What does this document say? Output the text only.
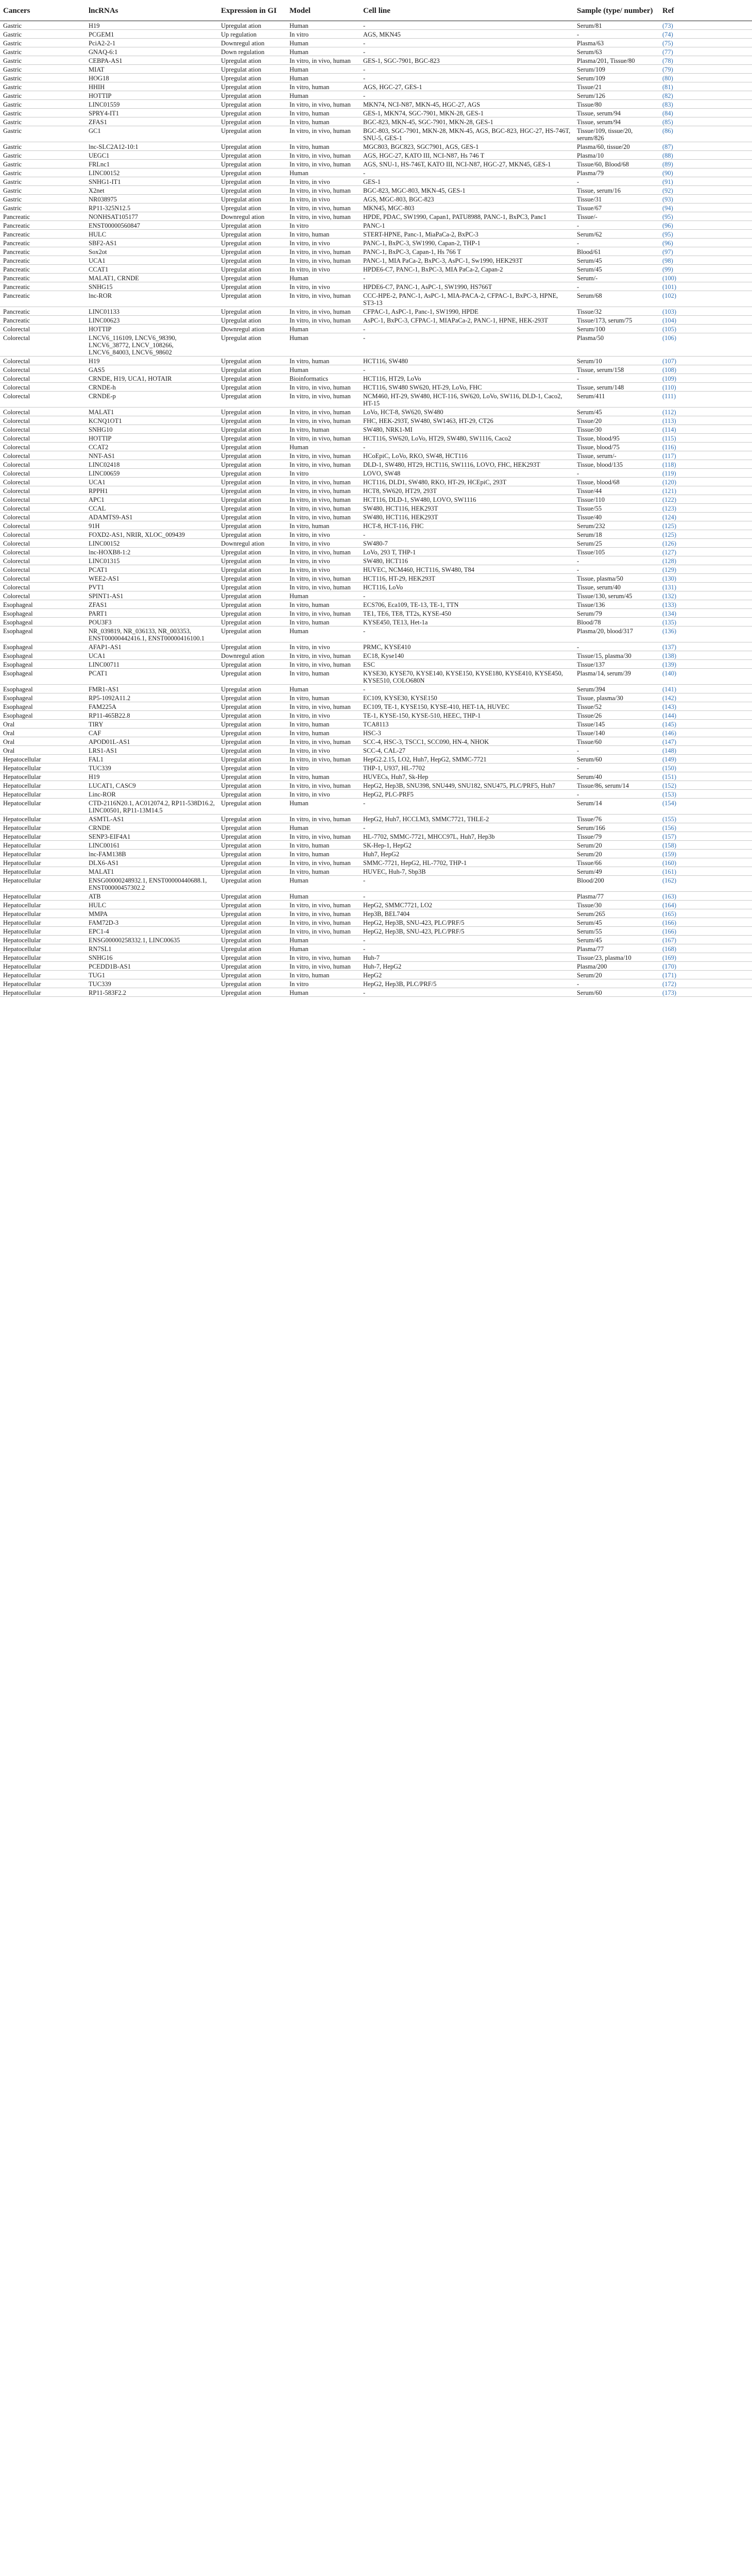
Cancers	lncRNAs	Expression in GI	Model	Cell line	Sample (type/ number)	Ref
Gastric	H19	Upregulat ation	Human	-	Serum/81	(73)
Gastric	PCGEM1	Up regulation	In vitro	AGS, MKN45	-	(74)
Gastric	PciA2-2-1	Downregul ation	Human	-	Plasma/63	(75)
Gastric	GNAQ-6:1	Down regulation	Human	-	Serum/63	(77)
Gastric	CEBPA-AS1	Upregulat ation	In vitro, in vivo, human	GES-1, SGC-7901, BGC-823	Plasma/201, Tissue/80	(78)
Gastric	MIAT	Upregulat ation	Human	-	Serum/109	(79)
Gastric	HOG18	Upregulat ation	Human	-	Serum/109	(80)
Gastric	HHIH	Upregulat ation	In vitro, human	AGS, HGC-27, GES-1	Tissue/21	(81)
Gastric	HOTTIP	Upregulat ation	Human	-	Serum/126	(82)
Gastric	LINC01559	Upregulat ation	In vitro, in vivo, human	MKN74, NCI-N87, MKN-45, HGC-27, AGS	Tissue/80	(83)
Gastric	SPRY4-IT1	Upregulat ation	In vitro, human	GES-1, MKN74, SGC-7901, MKN-28, GES-1	Tissue, serum/94	(84)
Gastric	ZFAS1	Upregulat ation	In vitro, human	BGC-823, MKN-45, SGC-7901, MKN-28, GES-1	Tissue, serum/94	(85)
Gastric	GC1	Upregulat ation	In vitro, in vivo, human	BGC-803, SGC-7901, MKN-28, MKN-45, AGS, BGC-823, HGC-27, HS-746T, SNU-5, GES-1	Tissue/109, tissue/20, serum/826	(86)
Gastric	lnc-SLC2A12-10:1	Upregulat ation	In vitro, human	MGC803, BGC823, SGC7901, AGS, GES-1	Plasma/60, tissue/20	(87)
Gastric	UEGC1	Upregulat ation	In vitro, in vivo, human	AGS, HGC-27, KATO III, NCI-N87, Hs 746 T	Plasma/10	(88)
Gastric	FRLnc1	Upregulat ation	In vitro, in vivo, human	AGS, SNU-1, HS-746T, KATO III, NCI-N87, HGC-27, MKN45, GES-1	Tissue/60, Blood/68	(89)
Gastric	LINC00152	Upregulat ation	Human	-	Plasma/79	(90)
Gastric	SNHG1-IT1	Upregulat ation	In vitro, in vivo	GES-1	-	(91)
Gastric	X2net	Upregulat ation	In vitro, in vivo, human	BGC-823, MGC-803, MKN-45, GES-1	Tissue, serum/16	(92)
Gastric	NR038975	Upregulat ation	In vitro, in vivo	AGS, MGC-803, BGC-823	Tissue/31	(93)
Gastric	RP11-325N12.5	Upregulat ation	In vitro, in vivo, human	MKN45, MGC-803	Tissue/67	(94)
Pancreatic	NONHSAT105177	Downregul ation	In vitro, in vivo, human	HPDE, PDAC, SW1990, Capan1, PATU8988, PANC-1, BxPC3, Panc1	Tissue/-	(95)
Pancreatic	ENST00000560847	Upregulat ation	In vitro	PANC-1	-	(96)
Pancreatic	HULC	Upregulat ation	In vitro, human	STERT-HPNE, Panc-1, MiaPaCa-2, BxPC-3	Serum/62	(95)
Pancreatic	SBF2-AS1	Upregulat ation	In vitro, in vivo	PANC-1, BxPC-3, SW1990, Capan-2, THP-1	-	(96)
Pancreatic	Sox2ot	Upregulat ation	In vitro, in vivo, human	PANC-1, BxPC-3, Capan-1, Hs 766 T	Blood/61	(97)
Pancreatic	UCA1	Upregulat ation	In vitro, in vivo, human	PANC-1, MIA PaCa-2, BxPC-3, AsPC-1, Sw1990, HEK293T	Serum/45	(98)
Pancreatic	CCAT1	Upregulat ation	In vitro, in vivo	HPDE6-C7, PANC-1, BxPC-3, MIA PaCa-2, Capan-2	Serum/45	(99)
Pancreatic	MALAT1, CRNDE	Upregulat ation	Human	-	Serum/-	(100)
Pancreatic	SNHG15	Upregulat ation	In vitro, in vivo	HPDE6-C7, PANC-1, AsPC-1, SW1990, HS766T	-	(101)
Pancreatic	lnc-ROR	Upregulat ation	In vitro, in vivo, human	CCC-HPE-2, PANC-1, AsPC-1, MIA-PACA-2, CFPAC-1, BxPC-3, HPNE, ST3-13	Serum/68	(102)
Pancreatic	LINC01133	Upregulat ation	In vitro, in vivo, human	CFPAC-1, AsPC-1, Panc-1, SW1990, HPDE	Tissue/32	(103)
Pancreatic	LINC00623	Upregulat ation	In vitro, in vivo, human	AsPC-1, BxPC-3, CFPAC-1, MIAPaCa-2, PANC-1, HPNE, HEK-293T	Tissue/173, serum/75	(104)
Colorectal	HOTTIP	Downregul ation	Human	-	Serum/100	(105)
Colorectal	LNCV6_116109, LNCV6_98390, LNCV6_38772, LNCV_108266, LNCV6_84003, LNCV6_98602	Upregulat ation	Human	-	Plasma/50	(106)
Colorectal	H19	Upregulat ation	In vitro, human	HCT116, SW480	Serum/10	(107)
Colorectal	GAS5	Upregulat ation	Human	-	Tissue, serum/158	(108)
Colorectal	CRNDE, H19, UCA1, HOTAIR	Upregulat ation	Bioinformatics	HCT116, HT29, LoVo	-	(109)
Colorectal	CRNDE-h	Upregulat ation	In vitro, in vivo, human	HCT116, SW480 SW620, HT-29, LoVo, FHC	Tissue, serum/148	(110)
Colorectal	CRNDE-p	Upregulat ation	In vitro, in vivo, human	NCM460, HT-29, SW480, HCT-116, SW620, LoVo, SW116, DLD-1, Caco2, HT-15	Serum/411	(111)
Colorectal	MALAT1	Upregulat ation	In vitro, in vivo, human	LoVo, HCT-8, SW620, SW480	Serum/45	(112)
Colorectal	KCNQ1OT1	Upregulat ation	In vitro, in vivo, human	FHC, HEK-293T, SW480, SW1463, HT-29, CT26	Tissue/20	(113)
Colorectal	SNHG10	Upregulat ation	In vitro, human	SW480, NRK1-MI	Tissue/30	(114)
Colorectal	HOTTIP	Upregulat ation	In vitro, in vivo, human	HCT116, SW620, LoVo, HT29, SW480, SW1116, Caco2	Tissue, blood/95	(115)
Colorectal	CCAT2	Upregulat ation	Human	-	Tissue, blood/75	(116)
Colorectal	NNT-AS1	Upregulat ation	In vitro, in vivo, human	HCoEpiC, LoVo, RKO, SW48, HCT116	Tissue, serum/-	(117)
Colorectal	LINC02418	Upregulat ation	In vitro, in vivo, human	DLD-1, SW480, HT29, HCT116, SW1116, LOVO, FHC, HEK293T	Tissue, blood/135	(118)
Colorectal	LINC00659	Upregulat ation	In vitro	LOVO, SW48	-	(119)
Colorectal	UCA1	Upregulat ation	In vitro, in vivo, human	HCT116, DLD1, SW480, RKO, HT-29, HCEpiC, 293T	Tissue, blood/68	(120)
Colorectal	RPPH1	Upregulat ation	In vitro, in vivo, human	HCT8, SW620, HT29, 293T	Tissue/44	(121)
Colorectal	APC1	Upregulat ation	In vitro, in vivo, human	HCT116, DLD-1, SW480, LOVO, SW1116	Tissue/110	(122)
Colorectal	CCAL	Upregulat ation	In vitro, in vivo, human	SW480, HCT116, HEK293T	Tissue/55	(123)
Colorectal	ADAMTS9-AS1	Upregulat ation	In vitro, in vivo, human	SW480, HCT116, HEK293T	Tissue/40	(124)
Colorectal	91H	Upregulat ation	In vitro, human	HCT-8, HCT-116, FHC	Serum/232	(125)
Colorectal	FOXD2-AS1, NRIR, XLOC_009439	Upregulat ation	In vitro, in vivo	-	Serum/18	(125)
Colorectal	LINC00152	Downregul ation	In vitro, in vivo	SW480-7	Serum/25	(126)
Colorectal	lnc-HOXB8-1:2	Upregulat ation	In vitro, in vivo, human	LoVo, 293 T, THP-1	Tissue/105	(127)
Colorectal	LINC01315	Upregulat ation	In vitro, in vivo	SW480, HCT116	-	(128)
Colorectal	PCAT1	Upregulat ation	In vitro, in vivo	HUVEC, NCM460, HCT116, SW480, T84	-	(129)
Colorectal	WEE2-AS1	Upregulat ation	In vitro, in vivo, human	HCT116, HT-29, HEK293T	Tissue, plasma/50	(130)
Colorectal	PVT1	Upregulat ation	In vitro, in vivo, human	HCT116, LoVo	Tissue, serum/40	(131)
Colorectal	SPINT1-AS1	Upregulat ation	Human	-	Tissue/130, serum/45	(132)
Esophageal	ZFAS1	Upregulat ation	In vitro, human	ECS706, Eca109, TE-13, TE-1, TTN	Tissue/136	(133)
Esophageal	PART1	Upregulat ation	In vitro, in vivo, human	TE1, TE6, TE8, TT2s, KYSE-450	Serum/79	(134)
Esophageal	POU3F3	Upregulat ation	In vitro, human	KYSE450, TE13, Het-1a	Blood/78	(135)
Esophageal	NR_039819, NR_036133, NR_003353, ENST00000442416.1, ENST00000416100.1	Upregulat ation	Human	-	Plasma/20, blood/317	(136)
Esophageal	AFAP1-AS1	Upregulat ation	In vitro, in vivo	PRMC, KYSE410	-	(137)
Esophageal	UCA1	Downregul ation	In vitro, in vivo, human	EC18, Kyse140	Tissue/15, plasma/30	(138)
Esophageal	LINC00711	Upregulat ation	In vitro, in vivo, human	ESC	Tissue/137	(139)
Esophageal	PCAT1	Upregulat ation	In vitro, human	KYSE30, KYSE70, KYSE140, KYSE150, KYSE180, KYSE410, KYSE450, KYSE510, COLO680N	Plasma/14, serum/39	(140)
Esophageal	FMR1-AS1	Upregulat ation	Human	-	Serum/394	(141)
Esophageal	RP5-1092A11.2	Upregulat ation	In vitro, human	EC109, KYSE30, KYSE150	Tissue, plasma/30	(142)
Esophageal	FAM225A	Upregulat ation	In vitro, in vivo, human	EC109, TE-1, KYSE150, KYSE-410, HET-1A, HUVEC	Tissue/52	(143)
Esophageal	RP11-465B22.8	Upregulat ation	In vitro, in vivo	TE-1, KYSE-150, KYSE-510, HEEC, THP-1	Tissue/26	(144)
Oral	TIRY	Upregulat ation	In vitro, human	TCA8113	Tissue/145	(145)
Oral	CAF	Upregulat ation	In vitro, human	HSC-3	Tissue/140	(146)
Oral	APOD01L-AS1	Upregulat ation	In vitro, in vivo, human	SCC-4, HSC-3, TSCC1, SCC090, HN-4, NHOK	Tissue/60	(147)
Oral	LRS1-AS1	Upregulat ation	In vitro, in vivo	SCC-4, CAL-27	-	(148)
Hepatocellular	FAL1	Upregulat ation	In vitro, in vivo, human	HepG2.2.15, LO2, Huh7, HepG2, SMMC-7721	Serum/60	(149)
Hepatocellular	TUC339	Upregulat ation	In vitro	THP-1, U937, HL-7702	-	(150)
Hepatocellular	H19	Upregulat ation	In vitro, human	HUVECs, Huh7, Sk-Hep	Serum/40	(151)
Hepatocellular	LUCAT1, CASC9	Upregulat ation	In vitro, in vivo, human	HepG2, Hep3B, SNU398, SNU449, SNU182, SNU475, PLC/PRF5, Huh7	Tissue/86, serum/14	(152)
Hepatocellular	Linc-ROR	Upregulat ation	In vitro, in vivo	HepG2, PLC-PRF5	-	(153)
Hepatocellular	CTD-2116N20.1, AC012074.2, RP11-538D16.2, LINC00501, RP11-13M14.5	Upregulat ation	Human	-	Serum/14	(154)
Hepatocellular	ASMTL-AS1	Upregulat ation	In vitro, in vivo, human	HepG2, Huh7, HCCLM3, SMMC7721, THLE-2	Tissue/76	(155)
Hepatocellular	CRNDE	Upregulat ation	Human	-	Serum/166	(156)
Hepatocellular	SENP3-EIF4A1	Upregulat ation	In vitro, in vivo, human	HL-7702, SMMC-7721, MHCC97L, Huh7, Hep3b	Tissue/79	(157)
Hepatocellular	LINC00161	Upregulat ation	In vitro, human	SK-Hep-1, HepG2	Serum/20	(158)
Hepatocellular	lnc-FAM138B	Upregulat ation	In vitro, human	Huh7, HepG2	Serum/20	(159)
Hepatocellular	DLX6-AS1	Upregulat ation	In vitro, in vivo, human	SMMC-7721, HepG2, HL-7702, THP-1	Tissue/66	(160)
Hepatocellular	MALAT1	Upregulat ation	In vitro, human	HUVEC, Huh-7, Sbp3B	Serum/49	(161)
Hepatocellular	ENSG00000248932.1, ENST00000440688.1, ENST00000457302.2	Upregulat ation	Human	-	Blood/200	(162)
Hepatocellular	ATB	Upregulat ation	Human	-	Plasma/77	(163)
Hepatocellular	HULC	Upregulat ation	In vitro, in vivo, human	HepG2, SMMC7721, LO2	Tissue/30	(164)
Hepatocellular	MMPA	Upregulat ation	In vitro, in vivo, human	Hep3B, BEL7404	Serum/265	(165)
Hepatocellular	FAM72D-3	Upregulat ation	In vitro, in vivo, human	HepG2, Hep3B, SNU-423, PLC/PRF/5	Serum/45	(166)
Hepatocellular	EPC1-4	Upregulat ation	In vitro, in vivo, human	HepG2, Hep3B, SNU-423, PLC/PRF/5	Serum/55	(166)
Hepatocellular	ENSG00000258332.1, LINC00635	Upregulat ation	Human	-	Serum/45	(167)
Hepatocellular	RN7SL1	Upregulat ation	Human	-	Plasma/77	(168)
Hepatocellular	SNHG16	Upregulat ation	In vitro, in vivo, human	Huh-7	Tissue/23, plasma/10	(169)
Hepatocellular	PCEDD1B-AS1	Upregulat ation	In vitro, in vivo, human	Huh-7, HepG2	Plasma/200	(170)
Hepatocellular	TUG1	Upregulat ation	In vitro, human	HepG2	Serum/20	(171)
Hepatocellular	TUC339	Upregulat ation	In vitro	HepG2, Hep3B, PLC/PRF/5	-	(172)
Hepatocellular	RP11-583F2.2	Upregulat ation	Human	-	Serum/60	(173)
